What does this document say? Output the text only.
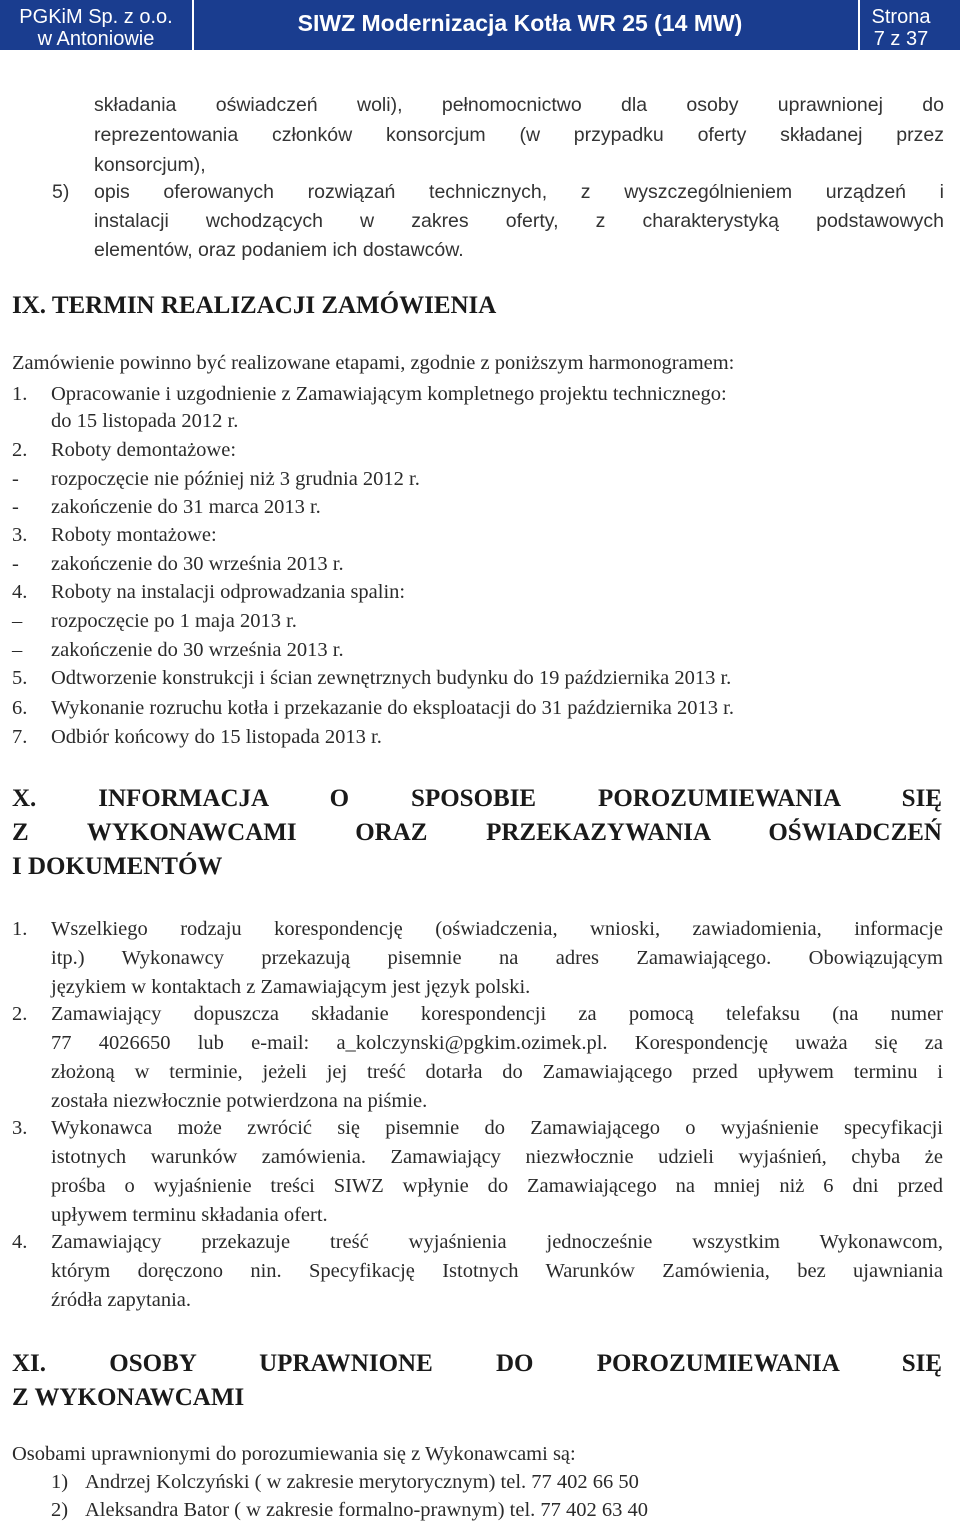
PGKiM Sp. z o.o.
w Antoniowie
SIWZ Modernizacja Kotła WR 25 (14 MW)	Strona
7 z 37
składania oświadczeń woli), pełnomocnictwo dla osoby uprawnionej do
reprezentowania członków konsorcjum (w przypadku oferty składanej przez
konsorcjum),
5) opis oferowanych rozwiązań technicznych, z wyszczególnieniem urządzeń i
instalacji wchodzących w zakres oferty, z charakterystyką podstawowych
elementów, oraz podaniem ich dostawców.
IX. TERMIN REALIZACJI ZAMÓWIENIA
Zamówienie powinno być realizowane etapami, zgodnie z poniższym harmonogramem:
1. Opracowanie i uzgodnienie z Zamawiającym kompletnego projektu technicznego:
do 15 listopada 2012 r.
2. Roboty demontażowe:
- rozpoczęcie nie później niż 3 grudnia 2012 r.
- zakończenie do 31 marca 2013 r.
3. Roboty montażowe:
- zakończenie do 30 września 2013 r.
4. Roboty na instalacji odprowadzania spalin:
– rozpoczęcie po 1 maja 2013 r.
– zakończenie do 30 września 2013 r.
5. Odtworzenie konstrukcji i ścian zewnętrznych budynku do 19 października 2013 r.
6. Wykonanie rozruchu kotła i przekazanie do eksploatacji do 31 października 2013 r.
7. Odbiór końcowy do 15 listopada 2013 r.
X. INFORMACJA O SPOSOBIE POROZUMIEWANIA SIĘ
Z WYKONAWCAMI ORAZ PRZEKAZYWANIA OŚWIADCZEŃ
I DOKUMENTÓW
1. Wszelkiego rodzaju korespondencję (oświadczenia, wnioski, zawiadomienia, informacje
itp.) Wykonawcy przekazują pisemnie na adres Zamawiającego. Obowiązującym
językiem w kontaktach z Zamawiającym jest język polski.
2. Zamawiający dopuszcza składanie korespondencji za pomocą telefaksu (na numer
77 4026650 lub e-mail: a_kolczynski@pgkim.ozimek.pl. Korespondencję uważa się za
złożoną w terminie, jeżeli jej treść dotarła do Zamawiającego przed upływem terminu i
została niezwłocznie potwierdzona na piśmie.
3. Wykonawca może zwrócić się pisemnie do Zamawiającego o wyjaśnienie specyfikacji
istotnych warunków zamówienia. Zamawiający niezwłocznie udzieli wyjaśnień, chyba że
prośba o wyjaśnienie treści SIWZ wpłynie do Zamawiającego na mniej niż 6 dni przed
upływem terminu składania ofert.
4. Zamawiający przekazuje treść wyjaśnienia jednocześnie wszystkim Wykonawcom,
którym doręczono nin. Specyfikację Istotnych Warunków Zamówienia, bez ujawniania
źródła zapytania.
XI. OSOBY UPRAWNIONE DO POROZUMIEWANIA SIĘ
Z WYKONAWCAMI
Osobami uprawnionymi do porozumiewania się z Wykonawcami są:
1) Andrzej Kolczyński ( w zakresie merytorycznym) tel. 77 402 66 50
2) Aleksandra Bator ( w zakresie formalno-prawnym) tel. 77 402 63 40
